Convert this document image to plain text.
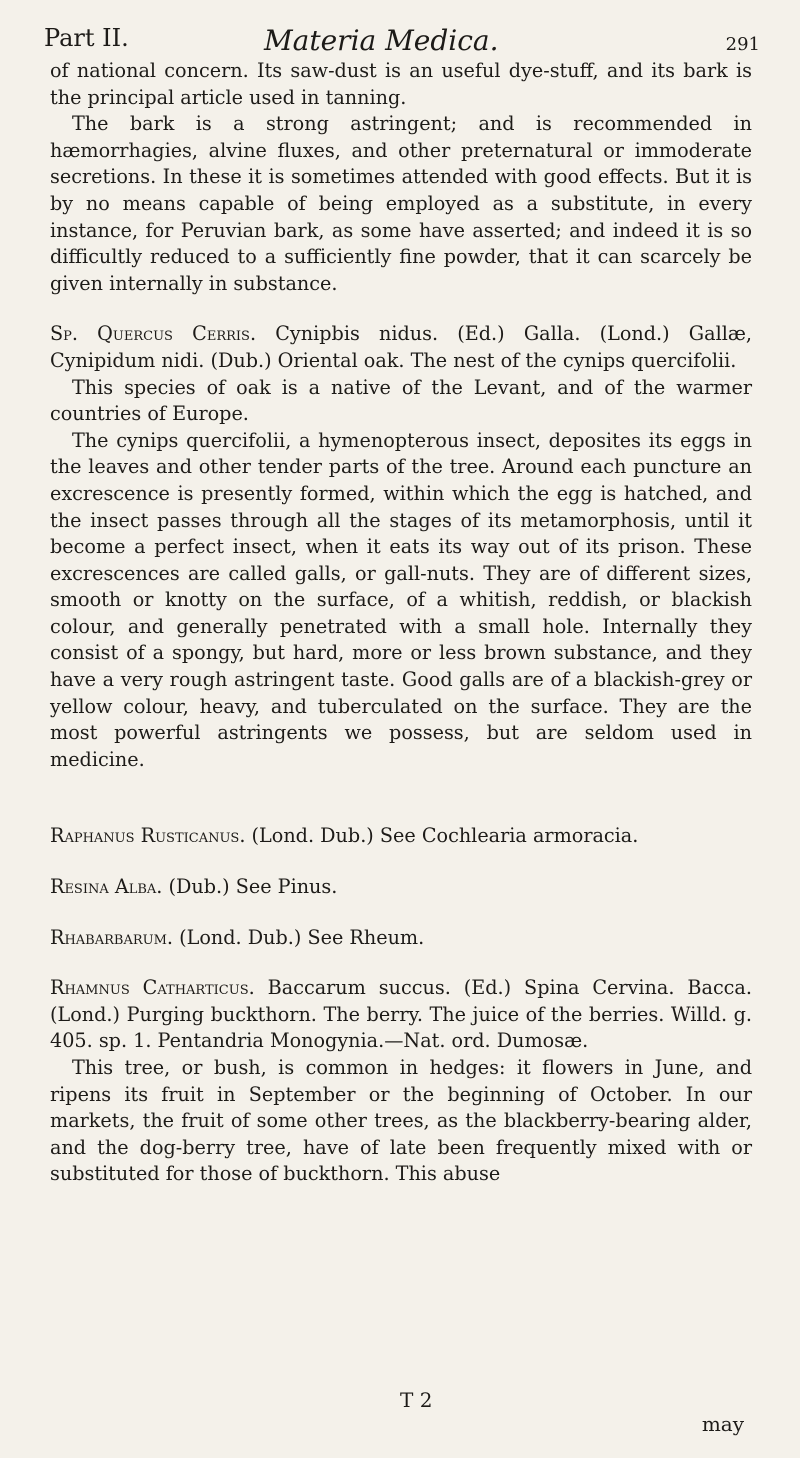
Part II.	Materia Medica.	291

of national concern. Its saw-dust is an useful dye-stuff, and its bark is the principal article used in tanning.

The bark is a strong astringent; and is recommended in hæmorrhagies, alvine fluxes, and other preternatural or immoderate secretions. In these it is sometimes attended with good effects. But it is by no means capable of being employed as a substitute, in every instance, for Peruvian bark, as some have asserted; and indeed it is so difficultly reduced to a sufficiently fine powder, that it can scarcely be given internally in substance.

Sp. Quercus Cerris. Cynipbis nidus. (Ed.) Galla. (Lond.) Gallæ, Cynipidum nidi. (Dub.) Oriental oak. The nest of the cynips quercifolii.

This species of oak is a native of the Levant, and of the warmer countries of Europe.

The cynips quercifolii, a hymenopterous insect, deposites its eggs in the leaves and other tender parts of the tree. Around each puncture an excrescence is presently formed, within which the egg is hatched, and the insect passes through all the stages of its metamorphosis, until it become a perfect insect, when it eats its way out of its prison. These excrescences are called galls, or gall-nuts. They are of different sizes, smooth or knotty on the surface, of a whitish, reddish, or blackish colour, and generally penetrated with a small hole. Internally they consist of a spongy, but hard, more or less brown substance, and they have a very rough astringent taste. Good galls are of a blackish-grey or yellow colour, heavy, and tuberculated on the surface. They are the most powerful astringents we possess, but are seldom used in medicine.

Raphanus Rusticanus. (Lond. Dub.) See Cochlearia armoracia.

Resina Alba. (Dub.) See Pinus.

Rhabarbarum. (Lond. Dub.) See Rheum.

Rhamnus Catharticus. Baccarum succus. (Ed.) Spina Cervina. Bacca. (Lond.) Purging buckthorn. The berry. The juice of the berries. Willd. g. 405. sp. 1. Pentandria Monogynia.—Nat. ord. Dumosæ.

This tree, or bush, is common in hedges: it flowers in June, and ripens its fruit in September or the beginning of October. In our markets, the fruit of some other trees, as the blackberry-bearing alder, and the dog-berry tree, have of late been frequently mixed with or substituted for those of buckthorn. This abuse

T 2
may
